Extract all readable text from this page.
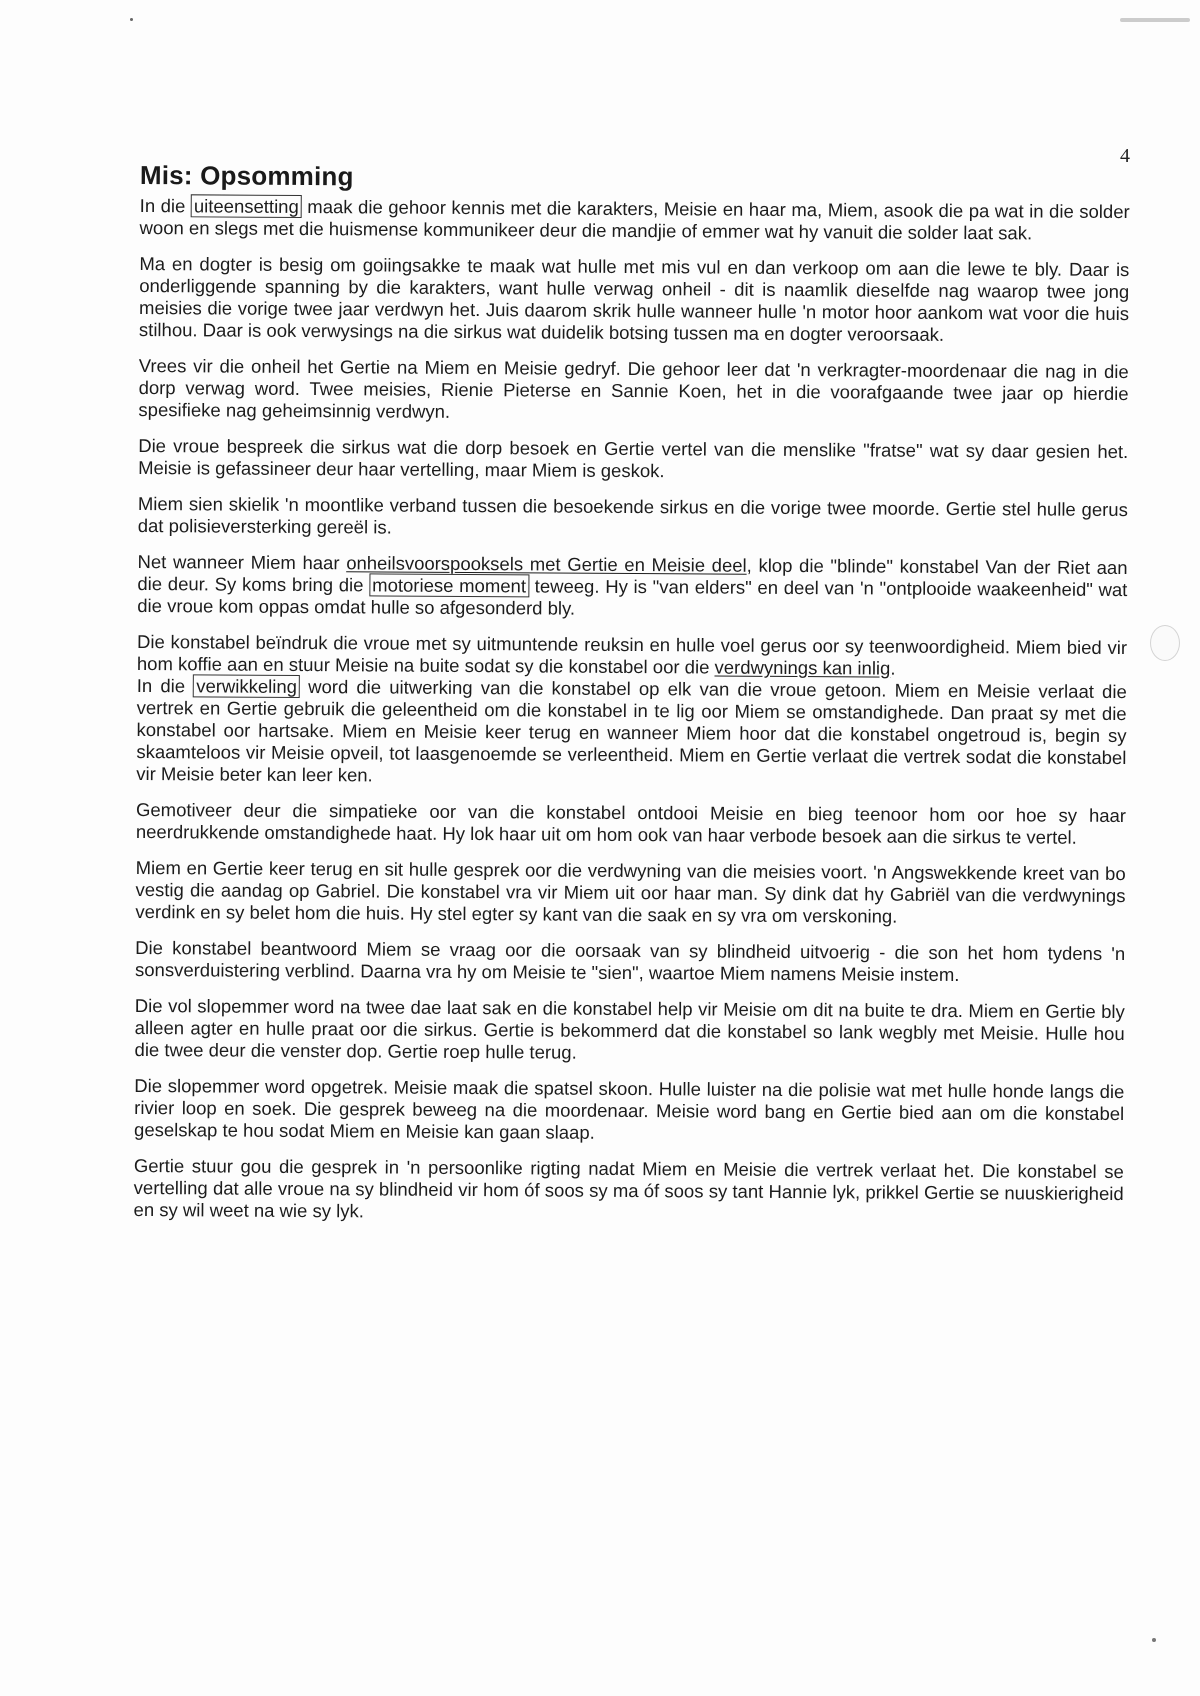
4
Mis: Opsomming

In die uiteensetting maak die gehoor kennis met die karakters, Meisie en haar ma, Miem, asook die pa wat in die solder woon en slegs met die huismense kommunikeer deur die mandjie of emmer wat hy vanuit die solder laat sak.

Ma en dogter is besig om goiingsakke te maak wat hulle met mis vul en dan verkoop om aan die lewe te bly. Daar is onderliggende spanning by die karakters, want hulle verwag onheil - dit is naamlik dieselfde nag waarop twee jong meisies die vorige twee jaar verdwyn het. Juis daarom skrik hulle wanneer hulle 'n motor hoor aankom wat voor die huis stilhou. Daar is ook verwysings na die sirkus wat duidelik botsing tussen ma en dogter veroorsaak.

Vrees vir die onheil het Gertie na Miem en Meisie gedryf. Die gehoor leer dat 'n verkragter-moordenaar die nag in die dorp verwag word. Twee meisies, Rienie Pieterse en Sannie Koen, het in die voorafgaande twee jaar op hierdie spesifieke nag geheimsinnig verdwyn.

Die vroue bespreek die sirkus wat die dorp besoek en Gertie vertel van die menslike "fratse" wat sy daar gesien het. Meisie is gefassineer deur haar vertelling, maar Miem is geskok.

Miem sien skielik 'n moontlike verband tussen die besoekende sirkus en die vorige twee moorde. Gertie stel hulle gerus dat polisieversterking gereël is.

Net wanneer Miem haar onheilsvoorspooksels met Gertie en Meisie deel, klop die "blinde" konstabel Van der Riet aan die deur. Sy koms bring die motoriese moment teweeg. Hy is "van elders" en deel van 'n "ontplooide waakeenheid" wat die vroue kom oppas omdat hulle so afgesonderd bly.

Die konstabel beïndruk die vroue met sy uitmuntende reuksin en hulle voel gerus oor sy teenwoordigheid. Miem bied vir hom koffie aan en stuur Meisie na buite sodat sy die konstabel oor die verdwynings kan inlig.

In die verwikkeling word die uitwerking van die konstabel op elk van die vroue getoon. Miem en Meisie verlaat die vertrek en Gertie gebruik die geleentheid om die konstabel in te lig oor Miem se omstandighede. Dan praat sy met die konstabel oor hartsake. Miem en Meisie keer terug en wanneer Miem hoor dat die konstabel ongetroud is, begin sy skaamteloos vir Meisie opveil, tot laasgenoemde se verleentheid. Miem en Gertie verlaat die vertrek sodat die konstabel vir Meisie beter kan leer ken.

Gemotiveer deur die simpatieke oor van die konstabel ontdooi Meisie en bieg teenoor hom oor hoe sy haar neerdrukkende omstandighede haat. Hy lok haar uit om hom ook van haar verbode besoek aan die sirkus te vertel.

Miem en Gertie keer terug en sit hulle gesprek oor die verdwyning van die meisies voort. 'n Angswekkende kreet van bo vestig die aandag op Gabriel. Die konstabel vra vir Miem uit oor haar man. Sy dink dat hy Gabriël van die verdwynings verdink en sy belet hom die huis. Hy stel egter sy kant van die saak en sy vra om verskoning.

Die konstabel beantwoord Miem se vraag oor die oorsaak van sy blindheid uitvoerig - die son het hom tydens 'n sonsverduistering verblind. Daarna vra hy om Meisie te "sien", waartoe Miem namens Meisie instem.

Die vol slopemmer word na twee dae laat sak en die konstabel help vir Meisie om dit na buite te dra. Miem en Gertie bly alleen agter en hulle praat oor die sirkus. Gertie is bekommerd dat die konstabel so lank wegbly met Meisie. Hulle hou die twee deur die venster dop. Gertie roep hulle terug.

Die slopemmer word opgetrek. Meisie maak die spatsel skoon. Hulle luister na die polisie wat met hulle honde langs die rivier loop en soek. Die gesprek beweeg na die moordenaar. Meisie word bang en Gertie bied aan om die konstabel geselskap te hou sodat Miem en Meisie kan gaan slaap.

Gertie stuur gou die gesprek in 'n persoonlike rigting nadat Miem en Meisie die vertrek verlaat het. Die konstabel se vertelling dat alle vroue na sy blindheid vir hom óf soos sy ma óf soos sy tant Hannie lyk, prikkel Gertie se nuuskierigheid en sy wil weet na wie sy lyk.
